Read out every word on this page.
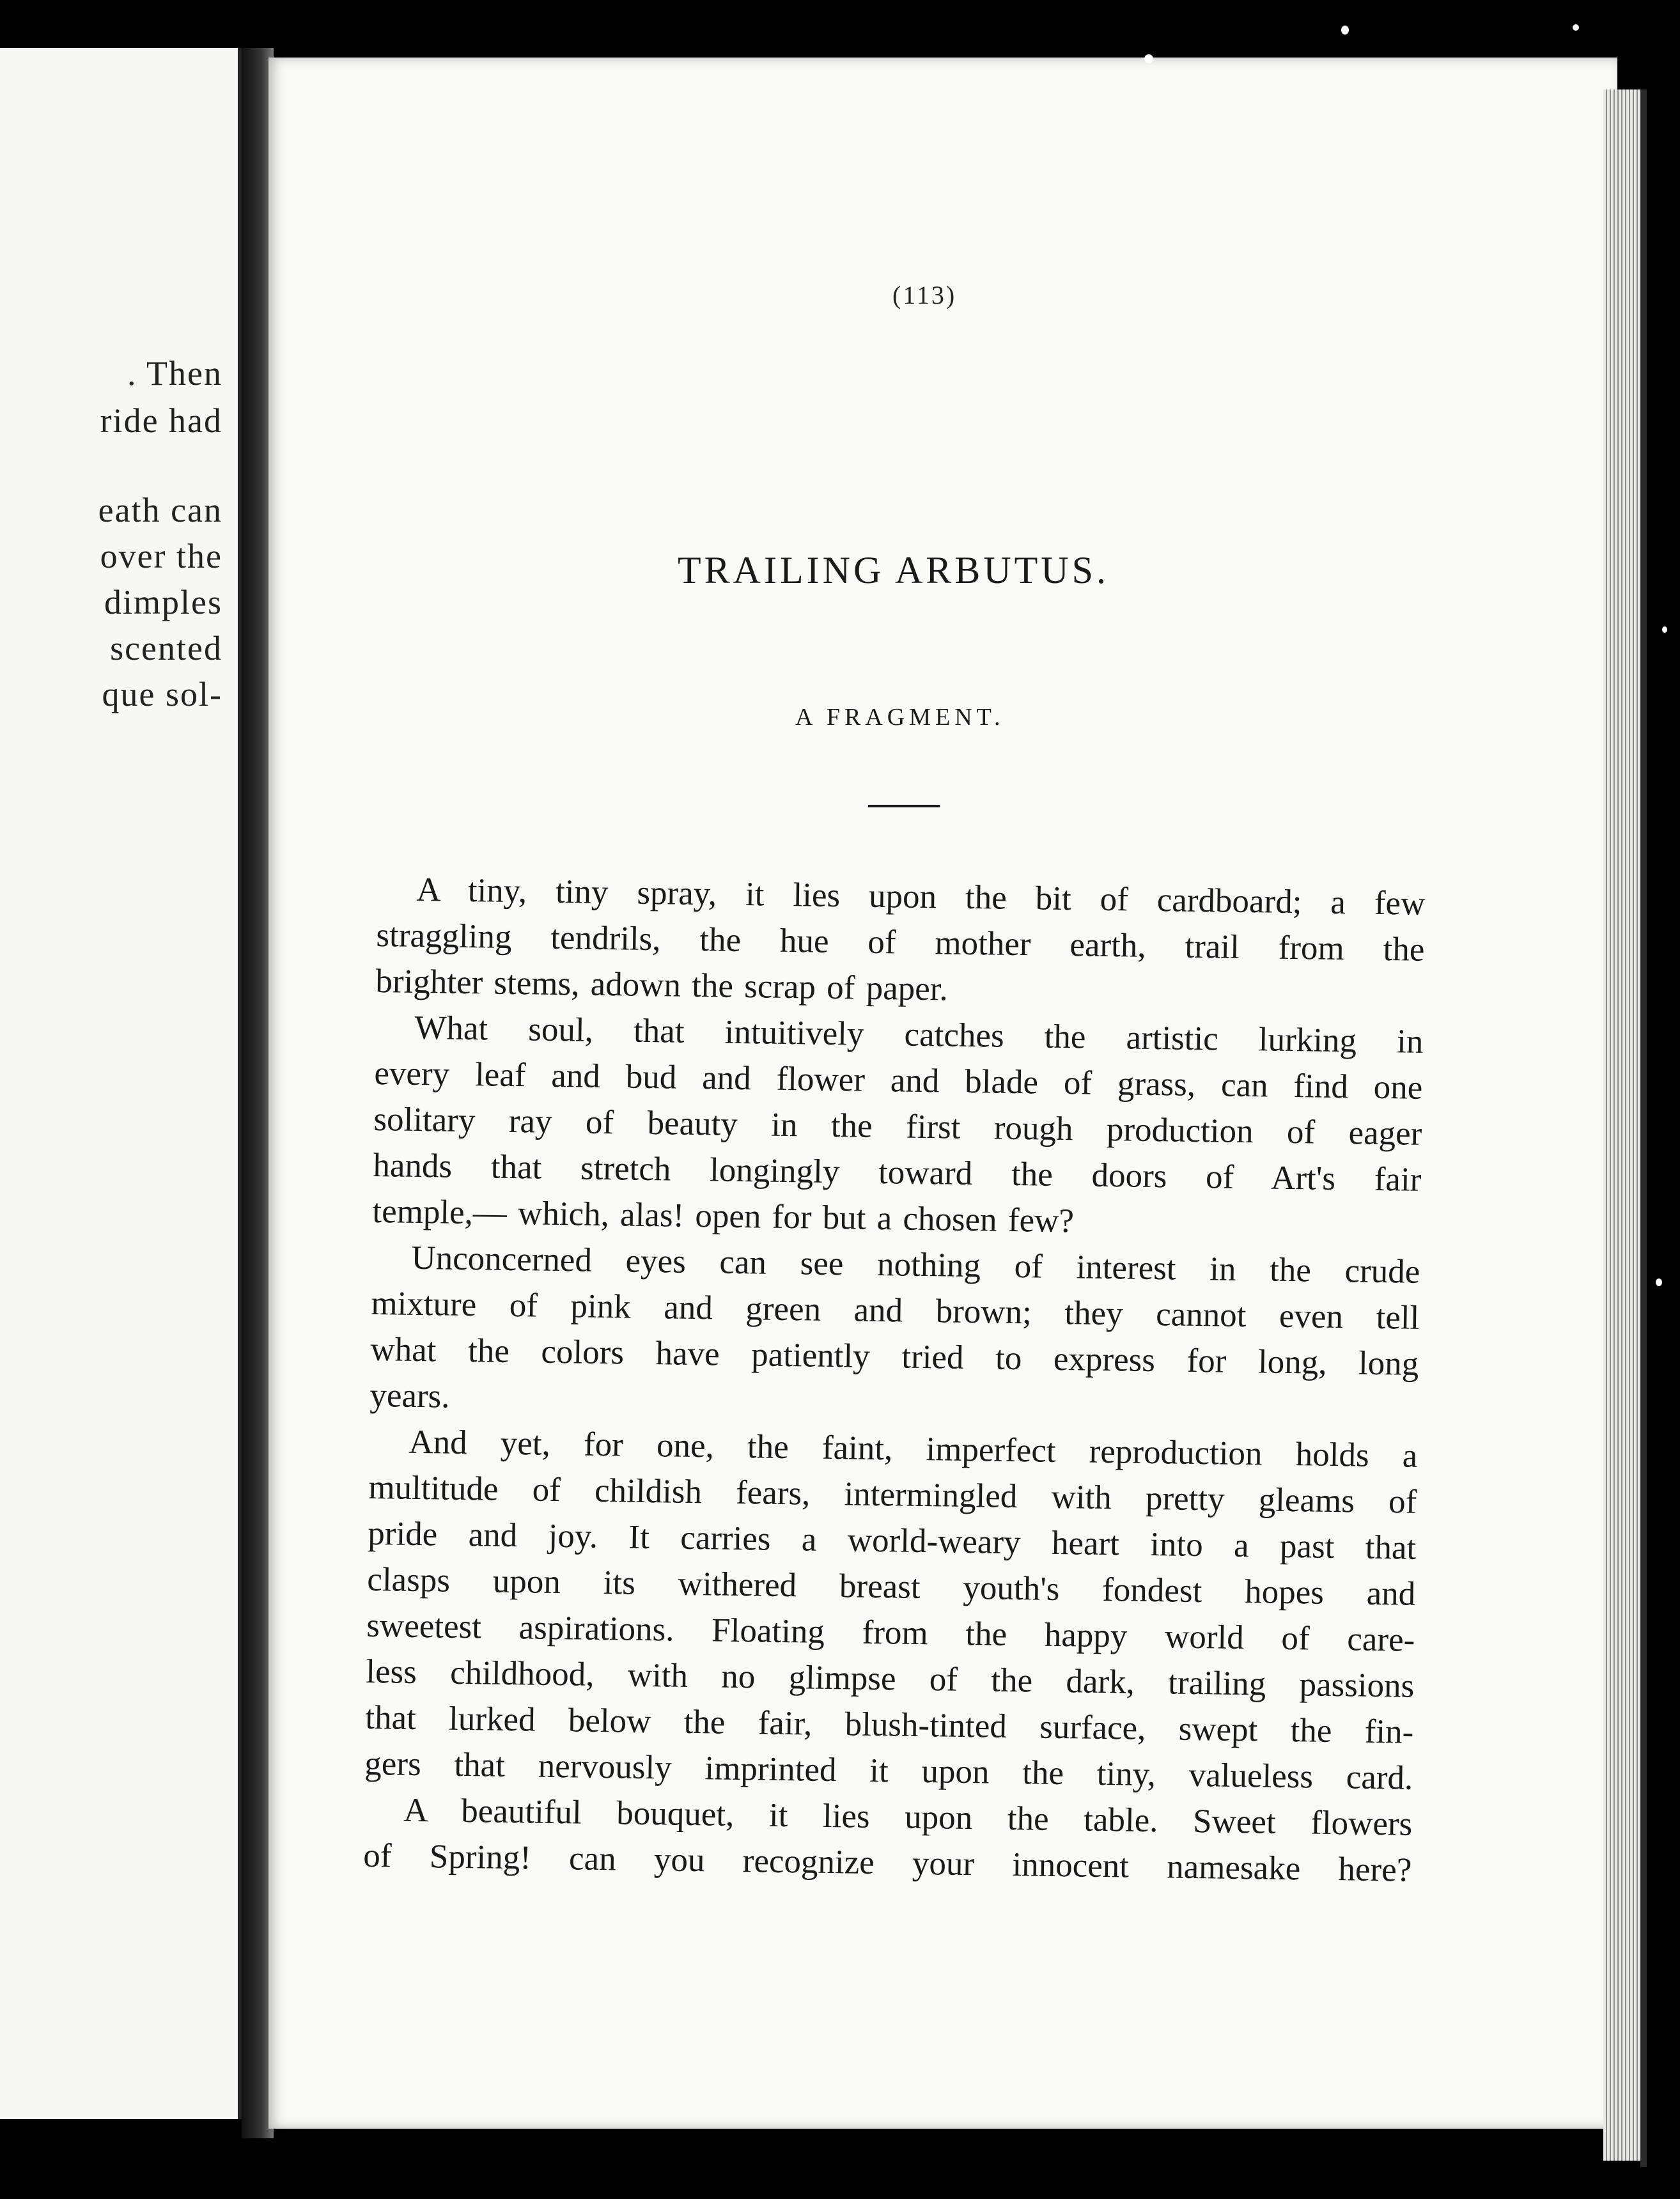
. Then
ride had
eath can
over the
dimples
scented
que sol-
(113)
TRAILING ARBUTUS.
A FRAGMENT.
A tiny, tiny spray, it lies upon the bit of cardboard; a few
straggling tendrils, the hue of mother earth, trail from the
brighter stems, adown the scrap of paper.
What soul, that intuitively catches the artistic lurking in
every leaf and bud and flower and blade of grass, can find one
solitary ray of beauty in the first rough production of eager
hands that stretch longingly toward the doors of Art's fair
temple,— which, alas! open for but a chosen few?
Unconcerned eyes can see nothing of interest in the crude
mixture of pink and green and brown; they cannot even tell
what the colors have patiently tried to express for long, long
years.
And yet, for one, the faint, imperfect reproduction holds a
multitude of childish fears, intermingled with pretty gleams of
pride and joy. It carries a world-weary heart into a past that
clasps upon its withered breast youth's fondest hopes and
sweetest aspirations. Floating from the happy world of care-
less childhood, with no glimpse of the dark, trailing passions
that lurked below the fair, blush-tinted surface, swept the fin-
gers that nervously imprinted it upon the tiny, valueless card.
A beautiful bouquet, it lies upon the table. Sweet flowers
of Spring! can you recognize your innocent namesake here?
